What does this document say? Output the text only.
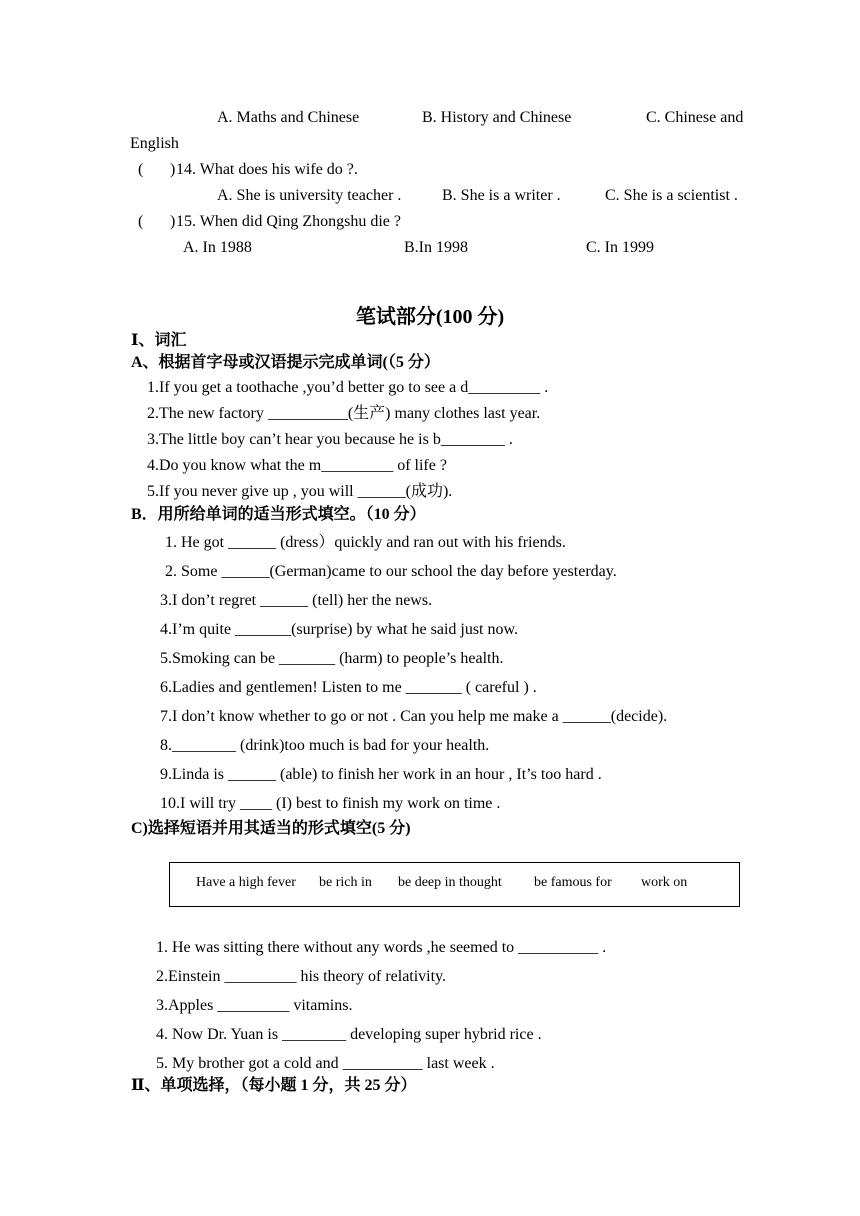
A. Maths and Chinese	B. History and Chinese	C. Chinese and
English
( ) 14. What does his wife do ?.
A. She is university teacher .	B. She is a writer .	C. She is a scientist .
( ) 15. When did Qing Zhongshu die ?
A. In 1988	B.In 1998	C. In 1999
笔试部分(100 分)
Ⅰ、词汇
A、根据首字母或汉语提示完成单词(（5 分）
1.If you get a toothache ,you’d better go to see a d_________ .
2.The new factory __________(生产) many clothes last year.
3.The little boy can’t hear you because he is b________ .
4.Do you know what the m_________ of life ?
5.If you never give up , you will ______(成功).
B．用所给单词的适当形式填空。（10 分）
1. He got ______ (dress）quickly and ran out with his friends.
2. Some ______(German)came to our school the day before yesterday.
3.I don’t regret ______ (tell) her the news.
4.I’m quite _______(surprise) by what he said just now.
5.Smoking can be _______ (harm) to people’s health.
6.Ladies and gentlemen! Listen to me _______ ( careful ) .
7.I don’t know whether to go or not . Can you help me make a ______(decide).
8.________ (drink)too much is bad for your health.
9.Linda is ______ (able) to finish her work in an hour , It’s too hard .
10.I will try ____ (I) best to finish my work on time .
C)选择短语并用其适当的形式填空(5 分)
Have a high fever be rich in be deep in thought be famous for work on
1. He was sitting there without any words ,he seemed to __________ .
2.Einstein _________ his theory of relativity.
3.Apples _________ vitamins.
4. Now Dr. Yuan is ________ developing super hybrid rice .
5. My brother got a cold and __________ last week .
Ⅱ、单项选择，（每小题 1 分，共 25 分）
